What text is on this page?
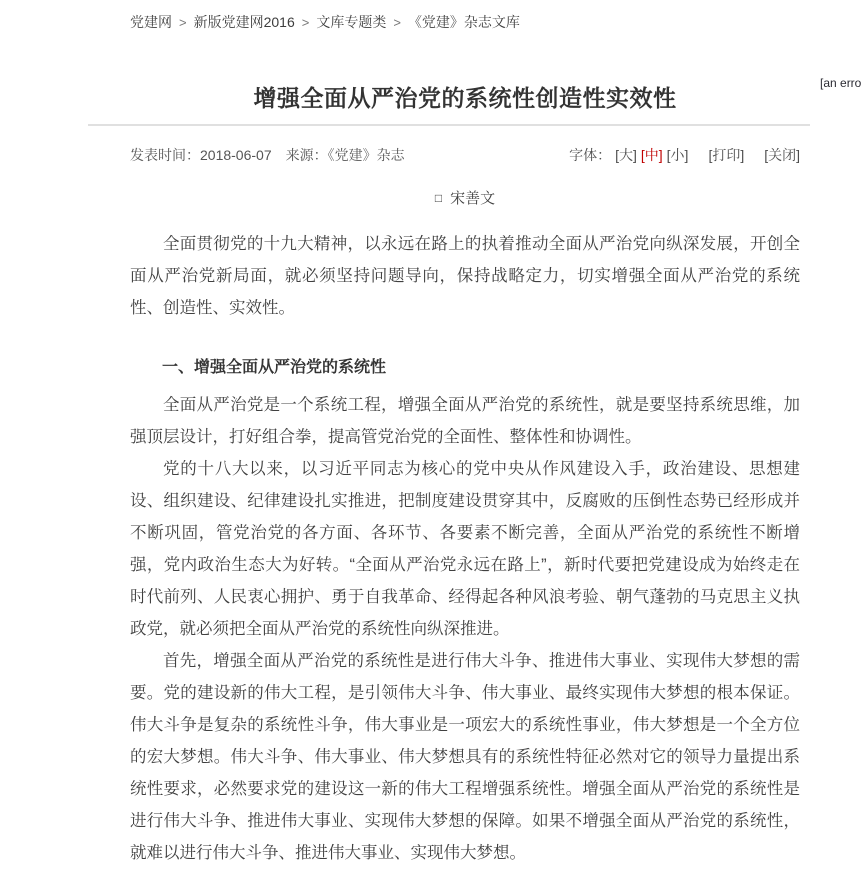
党建网 > 新版党建网2016 > 文库专题类 > 《党建》杂志文库
[an erro
增强全面从严治党的系统性创造性实效性
发表时间：2018-06-07 来源：《党建》杂志	字体： [大] [中] [小] [打印] [关闭]
□ 宋善文

全面贯彻党的十九大精神，以永远在路上的执着推动全面从严治党向纵深发展，开创全面从严治党新局面，就必须坚持问题导向，保持战略定力，切实增强全面从严治党的系统性、创造性、实效性。

一、增强全面从严治党的系统性

全面从严治党是一个系统工程，增强全面从严治党的系统性，就是要坚持系统思维，加强顶层设计，打好组合拳，提高管党治党的全面性、整体性和协调性。

党的十八大以来，以习近平同志为核心的党中央从作风建设入手，政治建设、思想建设、组织建设、纪律建设扎实推进，把制度建设贯穿其中，反腐败的压倒性态势已经形成并不断巩固，管党治党的各方面、各环节、各要素不断完善，全面从严治党的系统性不断增强，党内政治生态大为好转。“全面从严治党永远在路上”，新时代要把党建设成为始终走在时代前列、人民衷心拥护、勇于自我革命、经得起各种风浪考验、朝气蓬勃的马克思主义执政党，就必须把全面从严治党的系统性向纵深推进。

首先，增强全面从严治党的系统性是进行伟大斗争、推进伟大事业、实现伟大梦想的需要。党的建设新的伟大工程，是引领伟大斗争、伟大事业、最终实现伟大梦想的根本保证。伟大斗争是复杂的系统性斗争，伟大事业是一项宏大的系统性事业，伟大梦想是一个全方位的宏大梦想。伟大斗争、伟大事业、伟大梦想具有的系统性特征必然对它的领导力量提出系统性要求，必然要求党的建设这一新的伟大工程增强系统性。增强全面从严治党的系统性是进行伟大斗争、推进伟大事业、实现伟大梦想的保障。如果不增强全面从严治党的系统性，就难以进行伟大斗争、推进伟大事业、实现伟大梦想。
